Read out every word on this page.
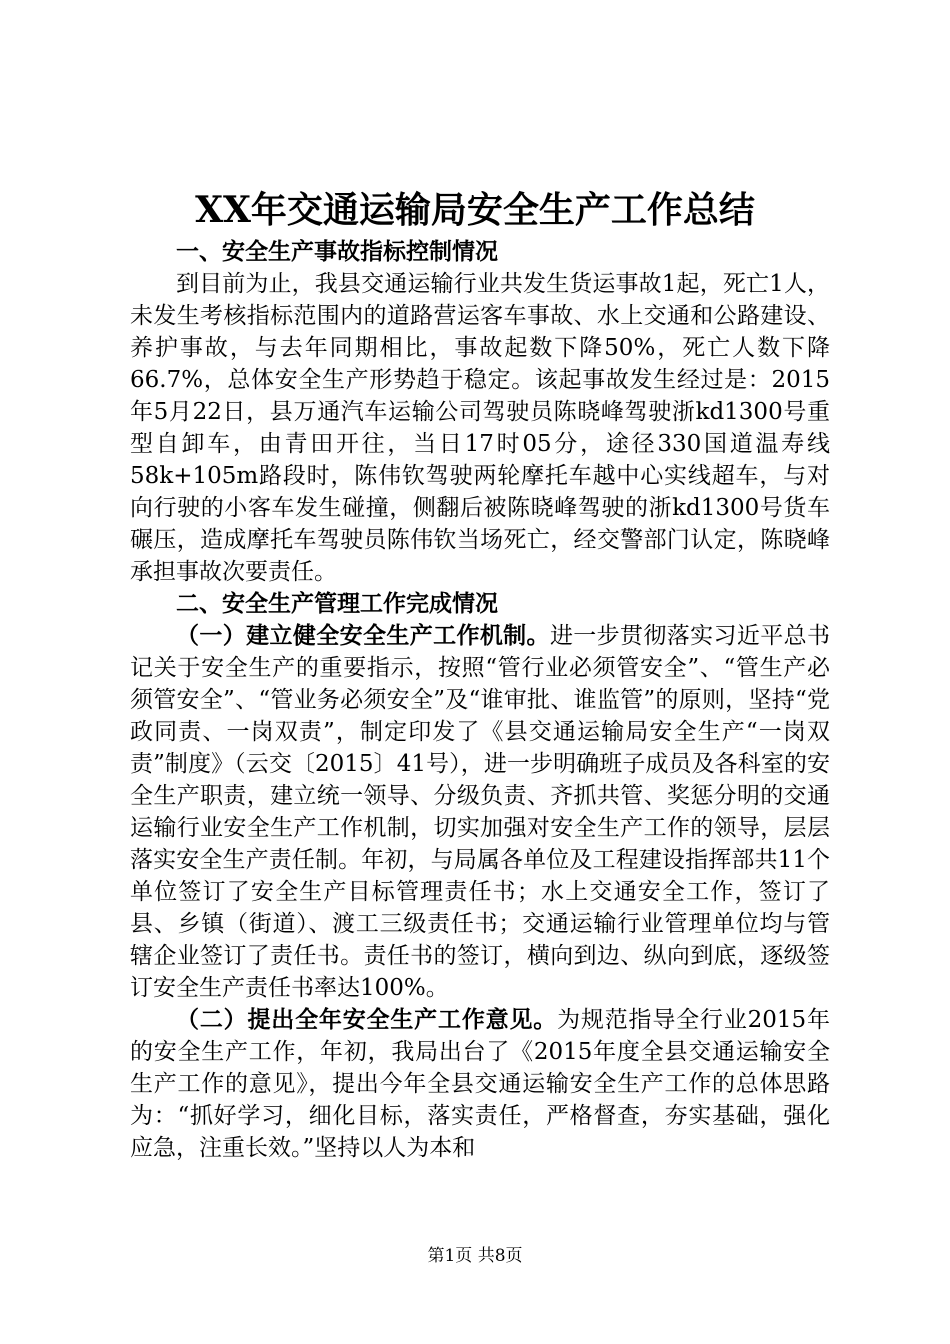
XX年交通运输局安全生产工作总结

一、安全生产事故指标控制情况

到目前为止，我县交通运输行业共发生货运事故1起，死亡1人，未发生考核指标范围内的道路营运客车事故、水上交通和公路建设、养护事故，与去年同期相比，事故起数下降50%，死亡人数下降66.7%，总体安全生产形势趋于稳定。该起事故发生经过是：2015年5月22日，县万通汽车运输公司驾驶员陈晓峰驾驶浙kd1300号重型自卸车，由青田开往，当日17时05分，途径330国道温寿线58k+105m路段时，陈伟钦驾驶两轮摩托车越中心实线超车，与对向行驶的小客车发生碰撞，侧翻后被陈晓峰驾驶的浙kd1300号货车碾压，造成摩托车驾驶员陈伟钦当场死亡，经交警部门认定，陈晓峰承担事故次要责任。

二、安全生产管理工作完成情况

（一）建立健全安全生产工作机制。进一步贯彻落实习近平总书记关于安全生产的重要指示，按照“管行业必须管安全”、“管生产必须管安全”、“管业务必须安全”及“谁审批、谁监管”的原则，坚持“党政同责、一岗双责”，制定印发了《县交通运输局安全生产“一岗双责”制度》（云交〔2015〕41号），进一步明确班子成员及各科室的安全生产职责，建立统一领导、分级负责、齐抓共管、奖惩分明的交通运输行业安全生产工作机制，切实加强对安全生产工作的领导，层层落实安全生产责任制。年初，与局属各单位及工程建设指挥部共11个单位签订了安全生产目标管理责任书；水上交通安全工作，签订了县、乡镇（街道）、渡工三级责任书；交通运输行业管理单位均与管辖企业签订了责任书。责任书的签订，横向到边、纵向到底，逐级签订安全生产责任书率达100%。

（二）提出全年安全生产工作意见。为规范指导全行业2015年的安全生产工作，年初，我局出台了《2015年度全县交通运输安全生产工作的意见》，提出今年全县交通运输安全生产工作的总体思路为：“抓好学习，细化目标，落实责任，严格督查，夯实基础，强化应急，注重长效。”坚持以人为本和

第1页 共8页
